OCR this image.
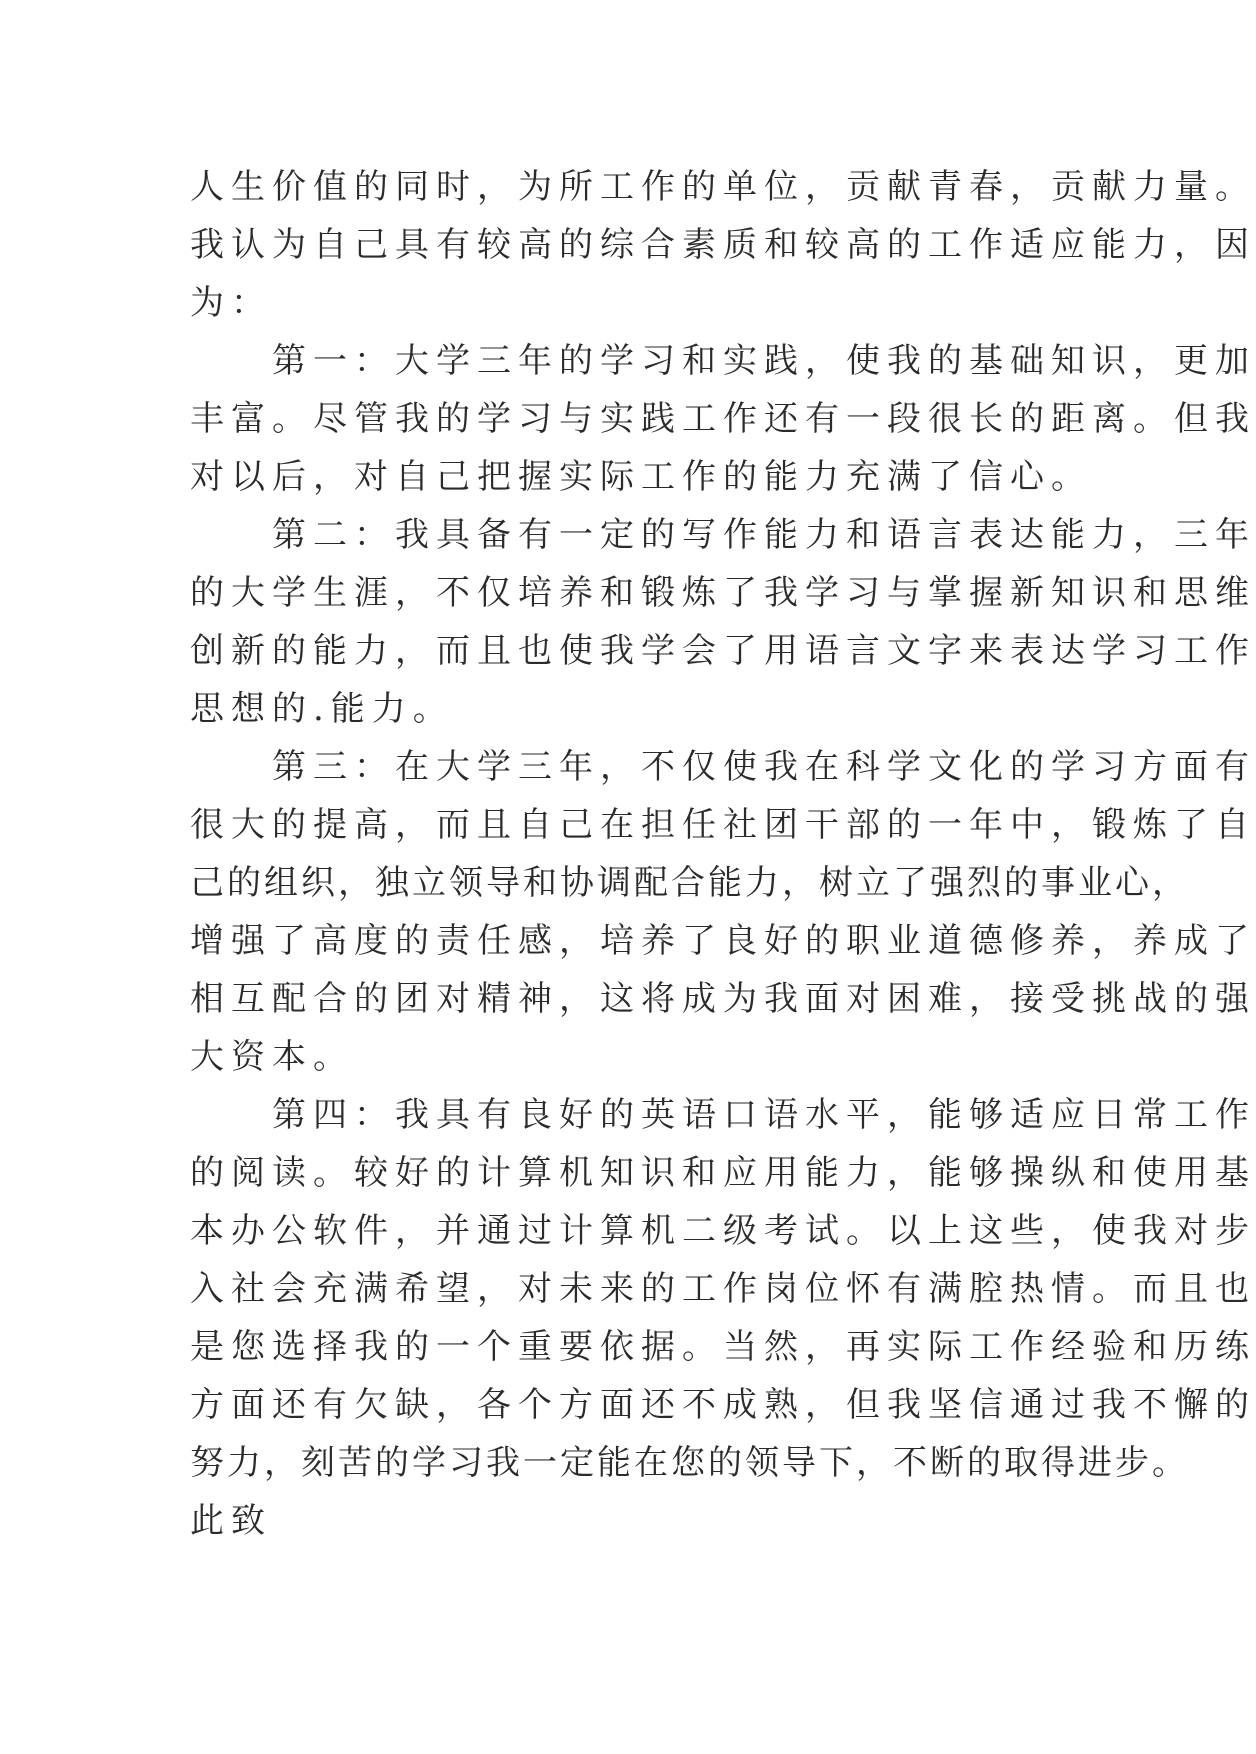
人生价值的同时，为所工作的单位，贡献青春，贡献力量。
我认为自己具有较高的综合素质和较高的工作适应能力，因
为：
　　第一：大学三年的学习和实践，使我的基础知识，更加
丰富。尽管我的学习与实践工作还有一段很长的距离。但我
对以后，对自己把握实际工作的能力充满了信心。
　　第二：我具备有一定的写作能力和语言表达能力，三年
的大学生涯，不仅培养和锻炼了我学习与掌握新知识和思维
创新的能力，而且也使我学会了用语言文字来表达学习工作
思想的.能力。
　　第三：在大学三年，不仅使我在科学文化的学习方面有
很大的提高，而且自己在担任社团干部的一年中，锻炼了自
己的组织，独立领导和协调配合能力，树立了强烈的事业心，
增强了高度的责任感，培养了良好的职业道德修养，养成了
相互配合的团对精神，这将成为我面对困难，接受挑战的强
大资本。
　　第四：我具有良好的英语口语水平，能够适应日常工作
的阅读。较好的计算机知识和应用能力，能够操纵和使用基
本办公软件，并通过计算机二级考试。以上这些，使我对步
入社会充满希望，对未来的工作岗位怀有满腔热情。而且也
是您选择我的一个重要依据。当然，再实际工作经验和历练
方面还有欠缺，各个方面还不成熟，但我坚信通过我不懈的
努力，刻苦的学习我一定能在您的领导下，不断的取得进步。
此致
